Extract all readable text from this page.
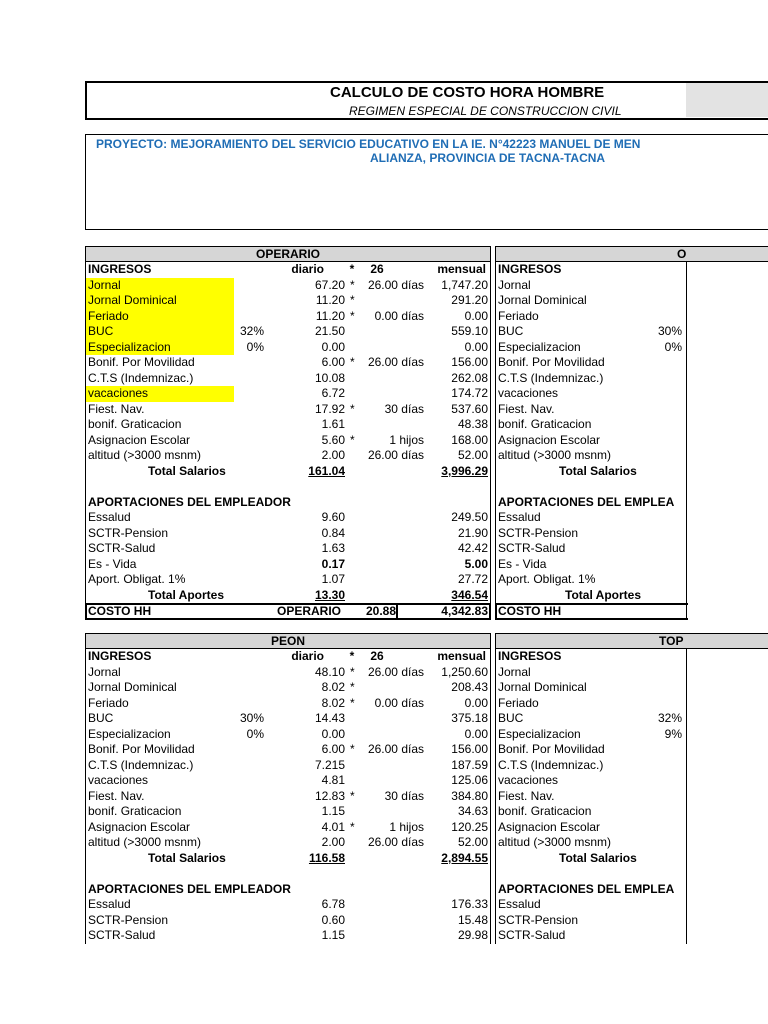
CALCULO DE COSTO HORA HOMBRE
REGIMEN ESPECIAL DE CONSTRUCCION CIVIL
PROYECTO: MEJORAMIENTO DEL SERVICIO EDUCATIVO EN LA IE. N°42223 MANUEL DE MEN
ALIANZA, PROVINCIA DE TACNA-TACNA
OPERARIO
INGRESOS	diario	*	26	mensual
Jornal	67.20 *	26.00 días	1,747.20
Jornal Dominical	11.20 *	291.20
Feriado	11.20 *	0.00 días	0.00
BUC	32%	21.50	559.10
Especializacion	0%	0.00	0.00
Bonif. Por Movilidad	6.00 *	26.00 días	156.00
C.T.S (Indemnizac.)	10.08	262.08
vacaciones	6.72	174.72
Fiest. Nav.	17.92 *	30 días	537.60
bonif. Graticacion	1.61	48.38
Asignacion Escolar	5.60 *	1 hijos	168.00
altitud (>3000 msnm)	2.00	26.00 días	52.00
Total Salarios	161.04	3,996.29
APORTACIONES DEL EMPLEADOR
Essalud	9.60	249.50
SCTR-Pension	0.84	21.90
SCTR-Salud	1.63	42.42
Es - Vida	0.17	5.00
Aport. Obligat. 1%	1.07	27.72
Total Aportes	13.30	346.54
COSTO HH	OPERARIO	20.88	4,342.83
O
INGRESOS
Jornal
Jornal Dominical
Feriado
BUC	30%
Especializacion	0%
Bonif. Por Movilidad
C.T.S (Indemnizac.)
vacaciones
Fiest. Nav.
bonif. Graticacion
Asignacion Escolar
altitud (>3000 msnm)
Total Salarios
APORTACIONES DEL EMPLEA
Essalud
SCTR-Pension
SCTR-Salud
Es - Vida
Aport. Obligat. 1%
Total Aportes
COSTO HH
PEON
INGRESOS	diario	*	26	mensual
Jornal	48.10 *	26.00 días	1,250.60
Jornal Dominical	8.02 *	208.43
Feriado	8.02 *	0.00 días	0.00
BUC	30%	14.43	375.18
Especializacion	0%	0.00	0.00
Bonif. Por Movilidad	6.00 *	26.00 días	156.00
C.T.S (Indemnizac.)	7.215	187.59
vacaciones	4.81	125.06
Fiest. Nav.	12.83 *	30 días	384.80
bonif. Graticacion	1.15	34.63
Asignacion Escolar	4.01 *	1 hijos	120.25
altitud (>3000 msnm)	2.00	26.00 días	52.00
Total Salarios	116.58	2,894.55
APORTACIONES DEL EMPLEADOR
Essalud	6.78	176.33
SCTR-Pension	0.60	15.48
SCTR-Salud	1.15	29.98
TOP
INGRESOS
Jornal
Jornal Dominical
Feriado
BUC	32%
Especializacion	9%
Bonif. Por Movilidad
C.T.S (Indemnizac.)
vacaciones
Fiest. Nav.
bonif. Graticacion
Asignacion Escolar
altitud (>3000 msnm)
Total Salarios
APORTACIONES DEL EMPLEA
Essalud
SCTR-Pension
SCTR-Salud
